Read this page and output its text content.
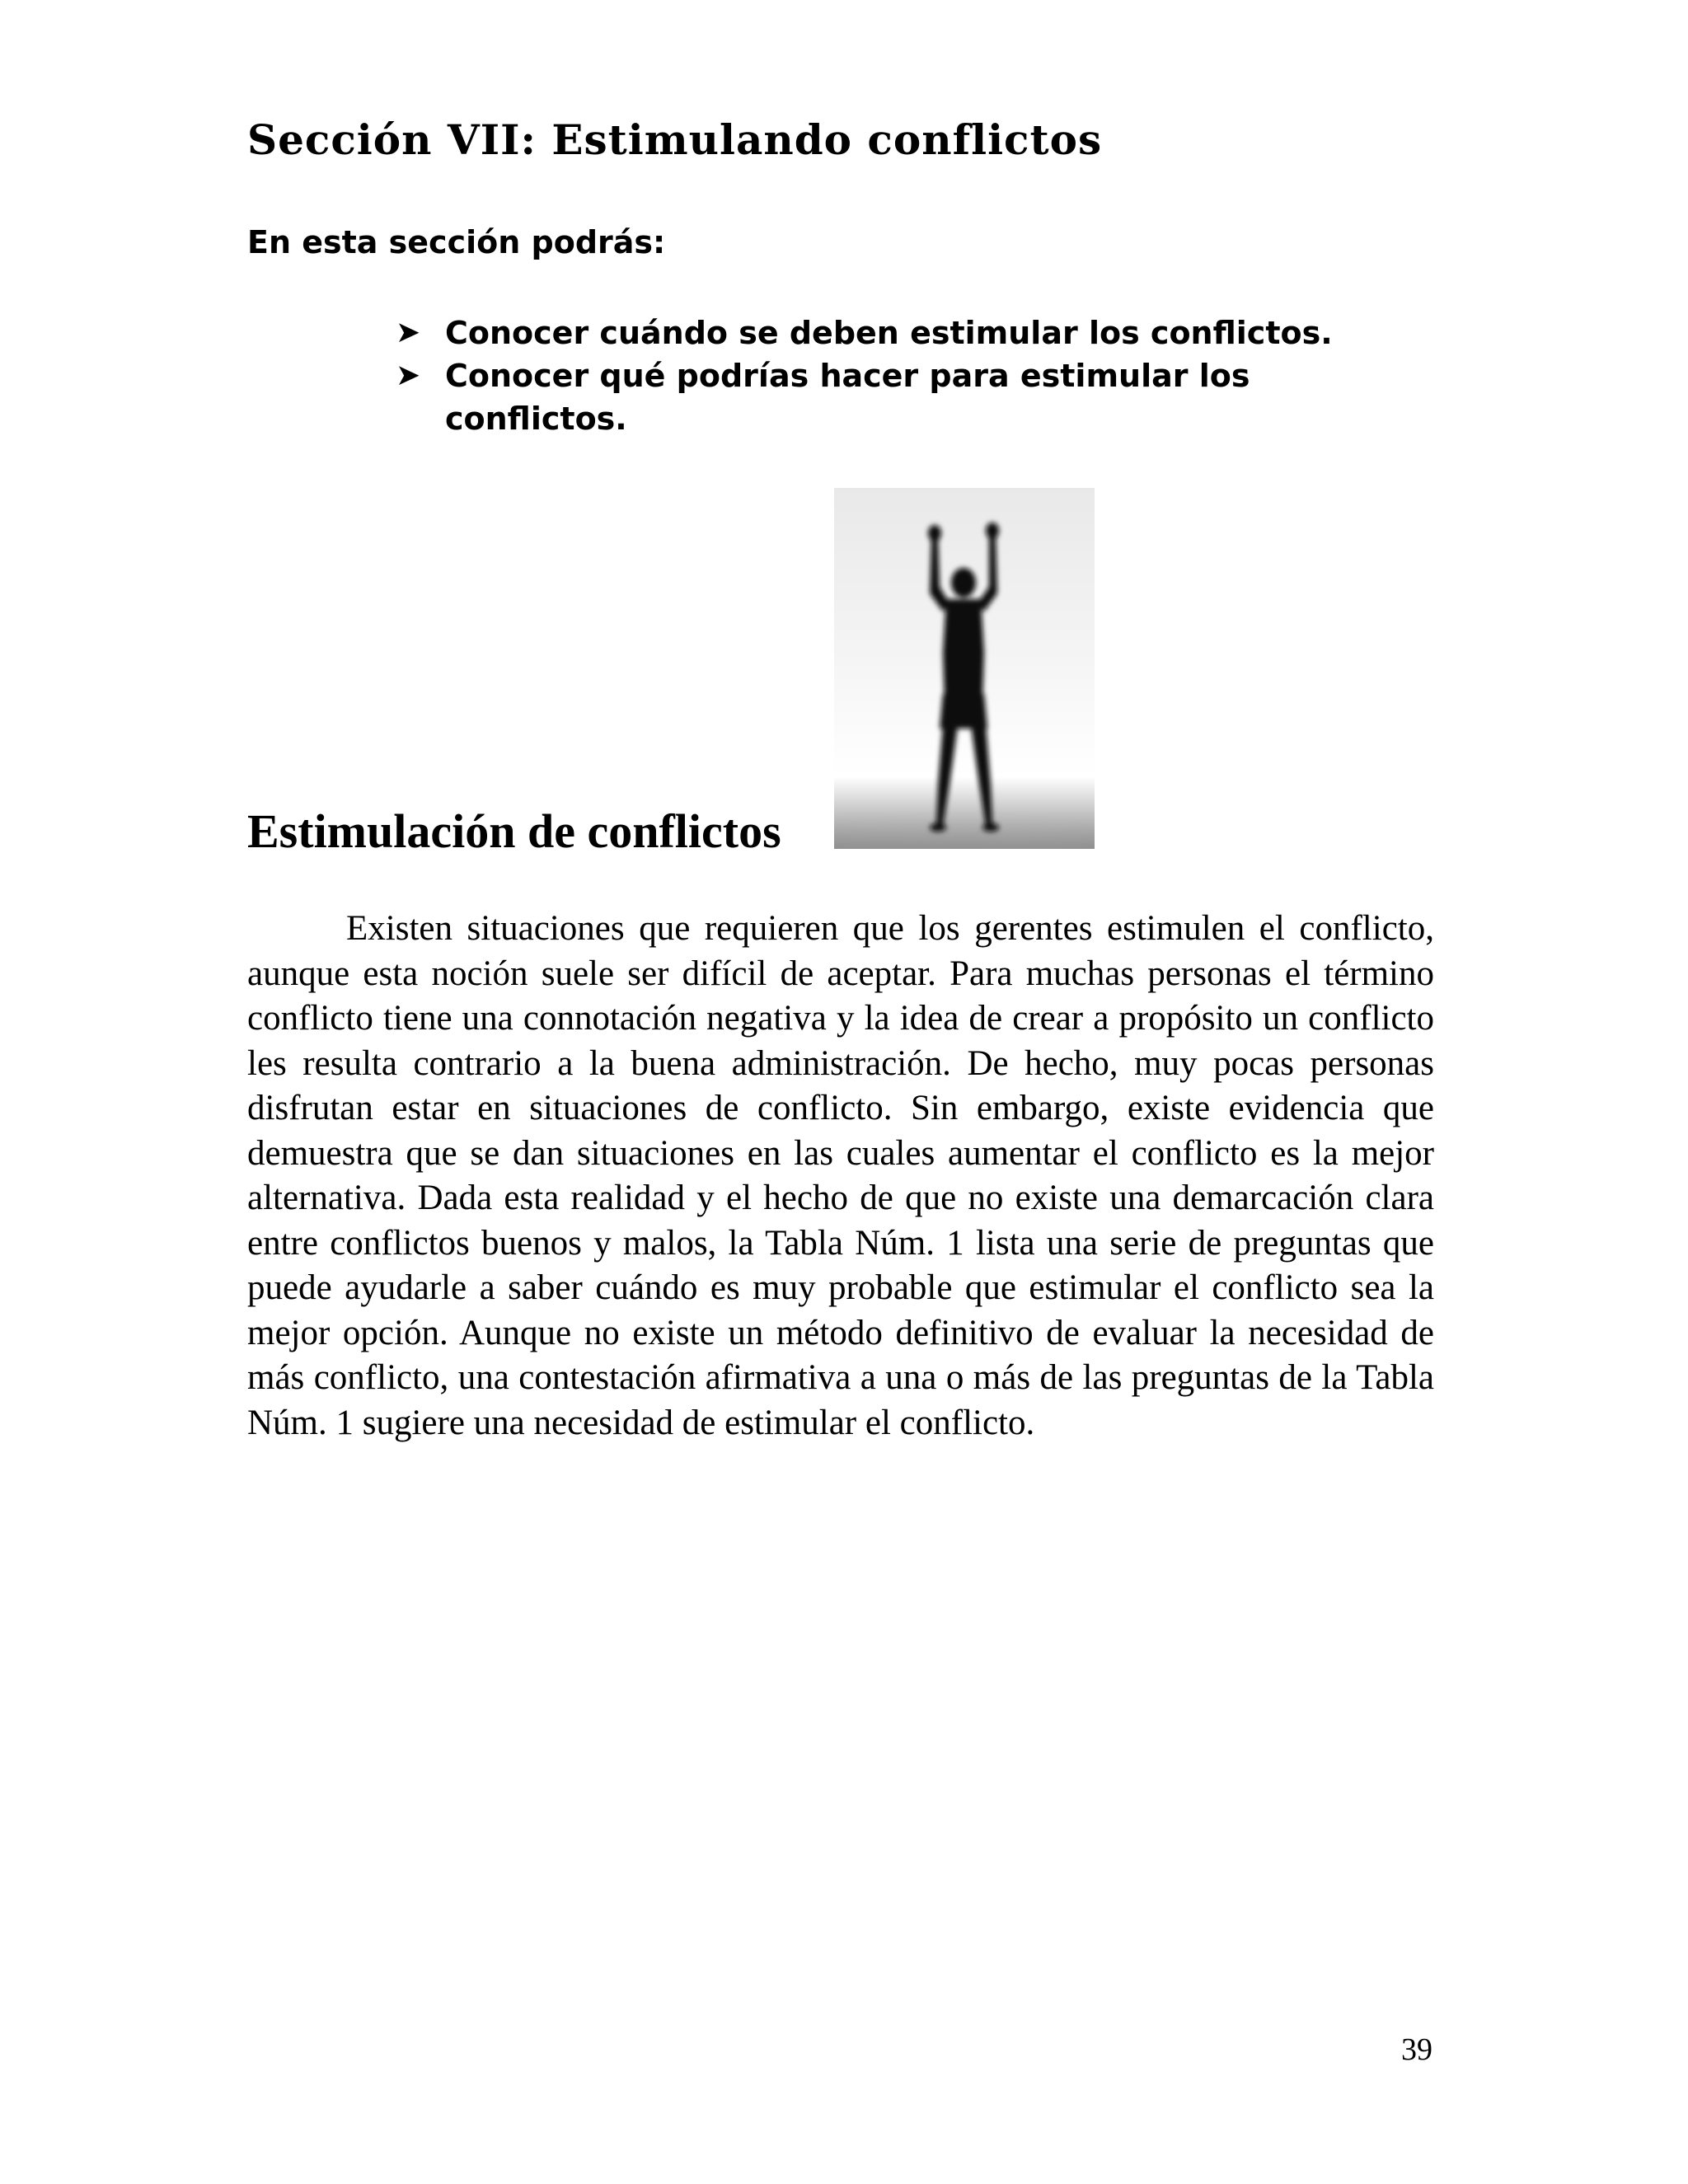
Sección VII: Estimulando conflictos

En esta sección podrás:

➤ Conocer cuándo se deben estimular los conflictos.
➤ Conocer qué podrías hacer para estimular los conflictos.
Estimulación de conflictos

Existen situaciones que requieren que los gerentes estimulen el conflicto, aunque esta noción suele ser difícil de aceptar. Para muchas personas el término conflicto tiene una connotación negativa y la idea de crear a propósito un conflicto les resulta contrario a la buena administración. De hecho, muy pocas personas disfrutan estar en situaciones de conflicto. Sin embargo, existe evidencia que demuestra que se dan situaciones en las cuales aumentar el conflicto es la mejor alternativa. Dada esta realidad y el hecho de que no existe una demarcación clara entre conflictos buenos y malos, la Tabla Núm. 1 lista una serie de preguntas que puede ayudarle a saber cuándo es muy probable que estimular el conflicto sea la mejor opción. Aunque no existe un método definitivo de evaluar la necesidad de más conflicto, una contestación afirmativa a una o más de las preguntas de la Tabla Núm. 1 sugiere una necesidad de estimular el conflicto.

39
